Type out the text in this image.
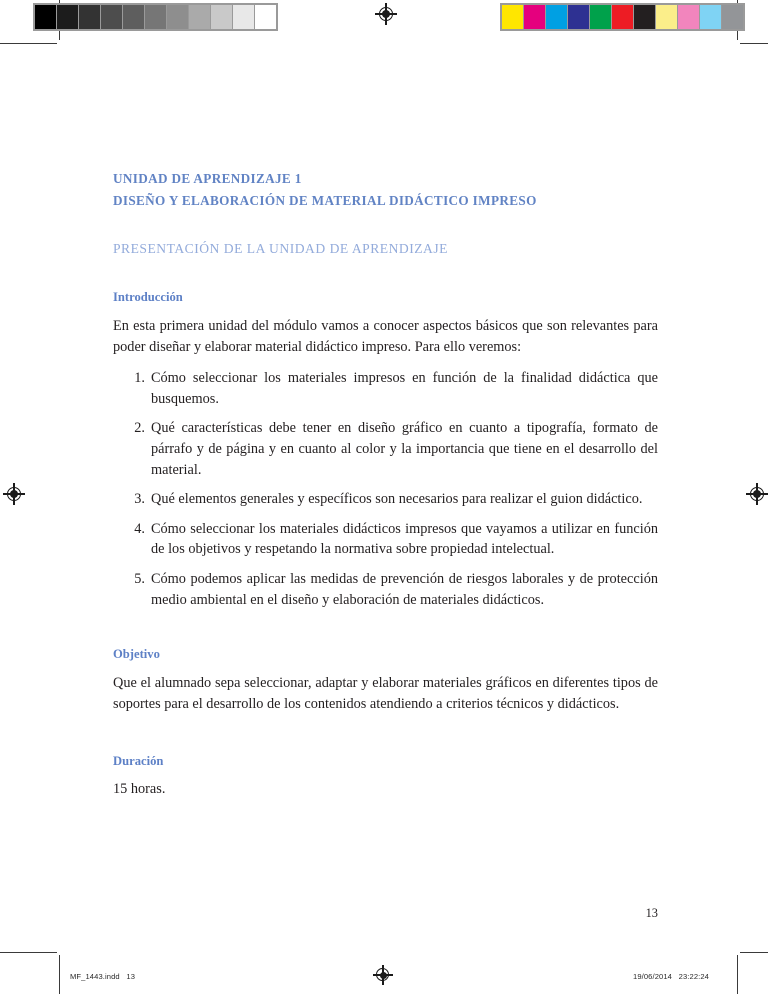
UNIDAD DE APRENDIZAJE 1
DISEÑO Y ELABORACIÓN DE MATERIAL DIDÁCTICO IMPRESO
PRESENTACIÓN DE LA UNIDAD DE APRENDIZAJE
Introducción

En esta primera unidad del módulo vamos a conocer aspectos básicos que son relevantes para poder diseñar y elaborar material didáctico impreso. Para ello veremos:

Cómo seleccionar los materiales impresos en función de la finalidad didáctica que busquemos.
Qué características debe tener en diseño gráfico en cuanto a tipografía, formato de párrafo y de página y en cuanto al color y la importancia que tiene en el desarrollo del material.
Qué elementos generales y específicos son necesarios para realizar el guion didáctico.
Cómo seleccionar los materiales didácticos impresos que vayamos a utilizar en función de los objetivos y respetando la normativa sobre propiedad intelectual.
Cómo podemos aplicar las medidas de prevención de riesgos laborales y de protección medio ambiental en el diseño y elaboración de materiales didácticos.
Objetivo

Que el alumnado sepa seleccionar, adaptar y elaborar materiales gráficos en diferentes tipos de soportes para el desarrollo de los contenidos atendiendo a criterios técnicos y didácticos.

Duración

15 horas.

13
MF_1443.indd   13	19/06/2014   23:22:24
